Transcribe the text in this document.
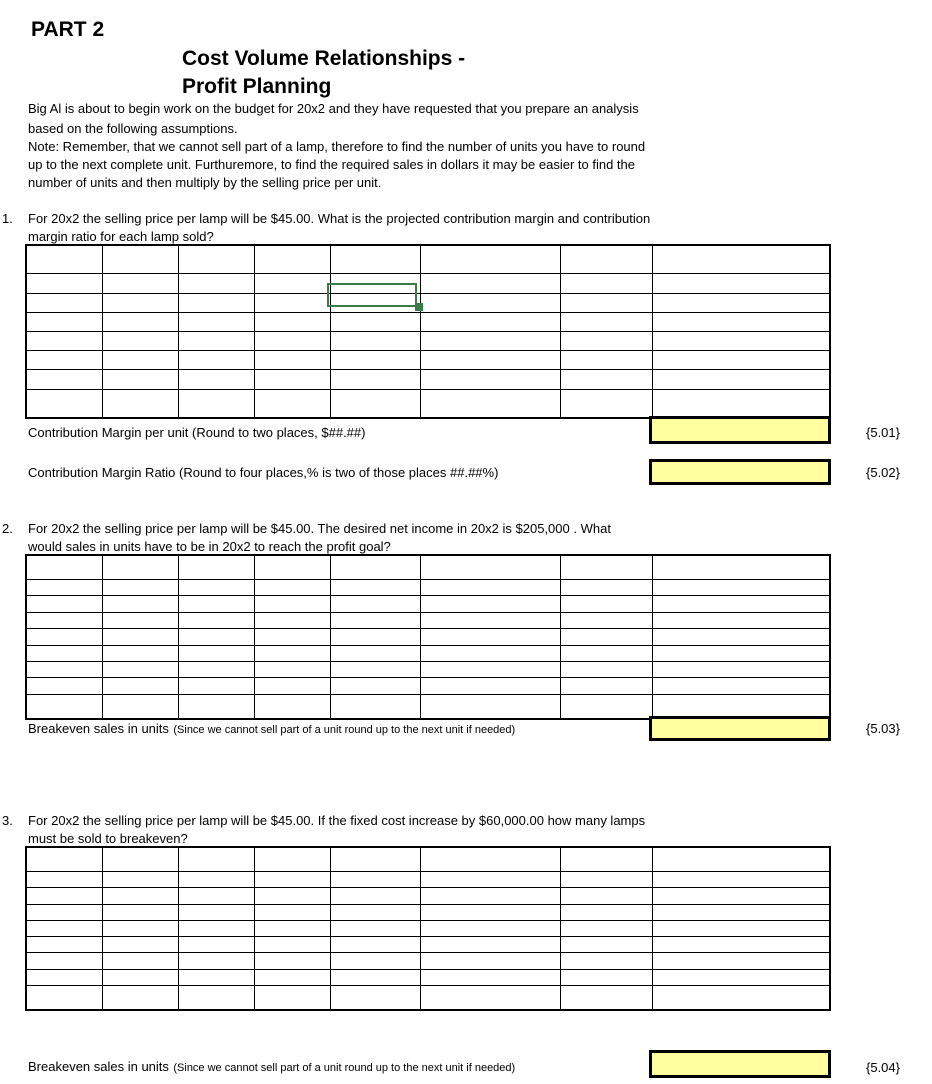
PART 2
Cost Volume Relationships -
Profit Planning
Big Al is about to begin work on the budget for 20x2 and they have requested that you prepare an analysis
based on the following assumptions.
Note: Remember, that we cannot sell part of a lamp, therefore to find the number of units you have to round
up to the next complete unit. Furthuremore, to find the required sales in dollars it may be easier to find the
number of units and then multiply by the selling price per unit.
1. For 20x2 the selling price per lamp will be $45.00. What is the projected contribution margin and contribution
margin ratio for each lamp sold?

Contribution Margin per unit (Round to two places, $##.##)	{5.01}
Contribution Margin Ratio (Round to four places,% is two of those places ##.##%)	{5.02}
2. For 20x2 the selling price per lamp will be $45.00. The desired net income in 20x2 is $205,000 . What
would sales in units have to be in 20x2 to reach the profit goal?

Breakeven sales in units (Since we cannot sell part of a unit round up to the next unit if needed)	{5.03}
3. For 20x2 the selling price per lamp will be $45.00. If the fixed cost increase by $60,000.00 how many lamps
must be sold to breakeven?

Breakeven sales in units (Since we cannot sell part of a unit round up to the next unit if needed)	{5.04}
